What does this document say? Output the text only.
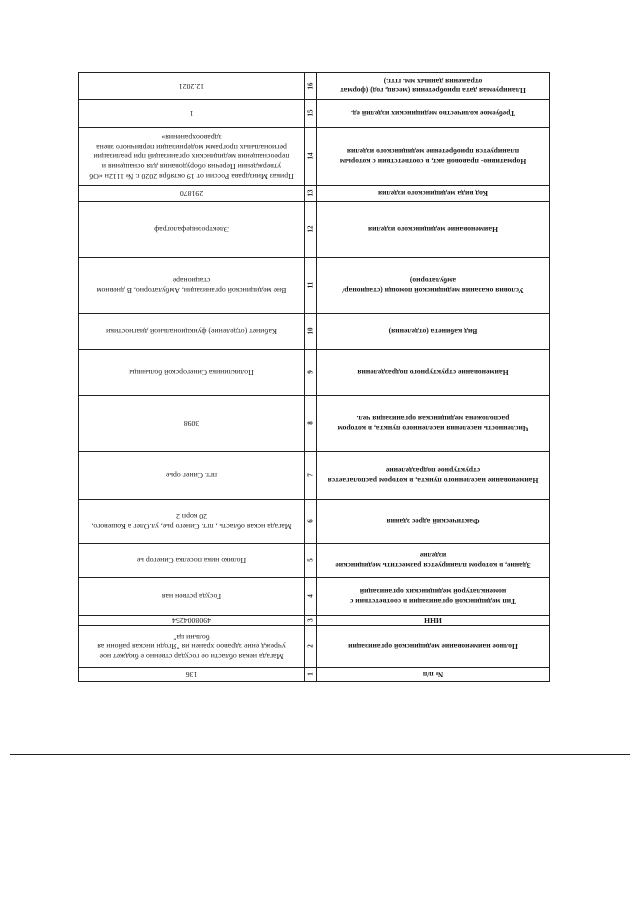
№ п/п
1
136
Полное наименование медицинской организации
2
Магада некая области ое государ ственно е бюджет ное учрежд ение здравоо хранен ия "Ягодн инская районн ая больни ца"
ИНН
3
4908004254
Тип медицинской организации в соответствии с номенклатурой медицинских организаций
4
Госуда рствен ная
Здание, в котором планируется разместить медицинские изделие
5
Полико ника поселка Синегор ье
Фактический адрес здания
6
Магада нская область , пгт. Синего рье, ул.Олег а Кошевого, 20 корп 2
Наименование населенного пункта, в котором располагается структурное подразделение
7
пгт. Синег орье
Численность населения населенного пункта, в котором расположена медицинская организация чел.
8
3098
Наименование структурного подразделения
9
Поликлиника Синегорской больницы
Вид кабинета (отделения)
10
Кабинет (отделение) функциональной диагностики
Условия оказания медицинской помощи (стационар/амбулаторно)
11
Вне медицинской организации, Амбулаторно, В дневном стационаре
Наименование медицинского изделия
12
Электроэнцефалограф
Код вида медицинского изделия
13
291870
Нормативно- правовой акт, в соответствии с которым планируется приобретение медицинского изделия
14
Приказ Минздрава России от 19 октября 2020 г. № 1112н «Об утверждении Перечня оборудования для оснащения и переоснащения медицинских организаций при реализации региональных программ модернизации первичного звена здравоохранения»
Требуемое количество медицинских изделий ед.
15
1
Планируемая дата приобретения (месяц, год) (формат отражения данных мм. гггг.)
16
12.2021
